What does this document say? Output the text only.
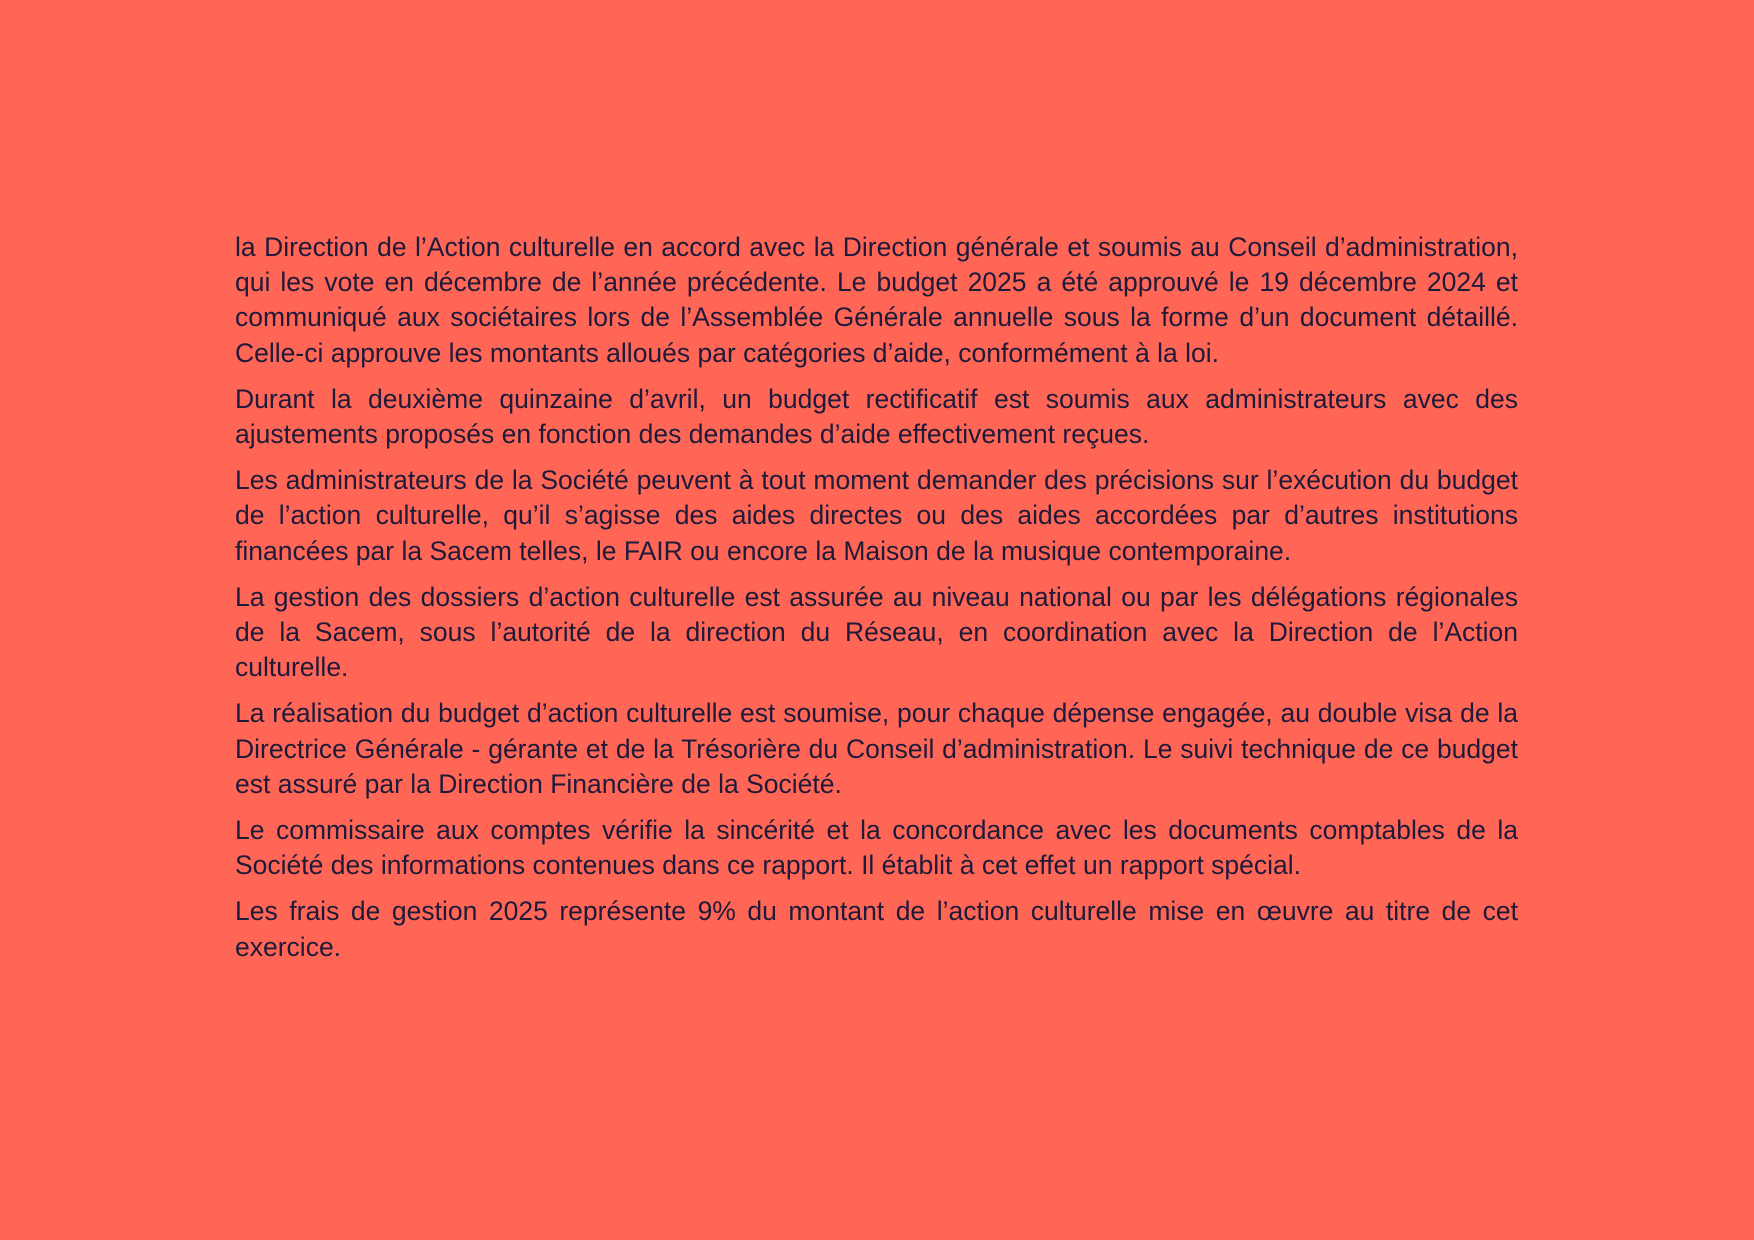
la Direction de l’Action culturelle en accord avec la Direction générale et soumis au Conseil d’administration, qui les vote en décembre de l’année précédente. Le budget 2025 a été approuvé le 19 décembre 2024 et communiqué aux sociétaires lors de l’Assemblée Générale annuelle sous la forme d’un document détaillé. Celle-ci approuve les montants alloués par catégories d’aide, conformément à la loi.

Durant la deuxième quinzaine d’avril, un budget rectificatif est soumis aux administrateurs avec des ajustements proposés en fonction des demandes d’aide effectivement reçues.

Les administrateurs de la Société peuvent à tout moment demander des précisions sur l’exécution du budget de l’action culturelle, qu’il s’agisse des aides directes ou des aides accordées par d’autres institutions financées par la Sacem telles, le FAIR ou encore la Maison de la musique contemporaine.

La gestion des dossiers d’action culturelle est assurée au niveau national ou par les délégations régionales de la Sacem, sous l’autorité de la direction du Réseau, en coordination avec la Direction de l’Action culturelle.

La réalisation du budget d’action culturelle est soumise, pour chaque dépense engagée, au double visa de la Directrice Générale - gérante et de la Trésorière du Conseil d’administration. Le suivi technique de ce budget est assuré par la Direction Financière de la Société.

Le commissaire aux comptes vérifie la sincérité et la concordance avec les documents comptables de la Société des informations contenues dans ce rapport. Il établit à cet effet un rapport spécial.

Les frais de gestion 2025 représente 9% du montant de l’action culturelle mise en œuvre au titre de cet exercice.
